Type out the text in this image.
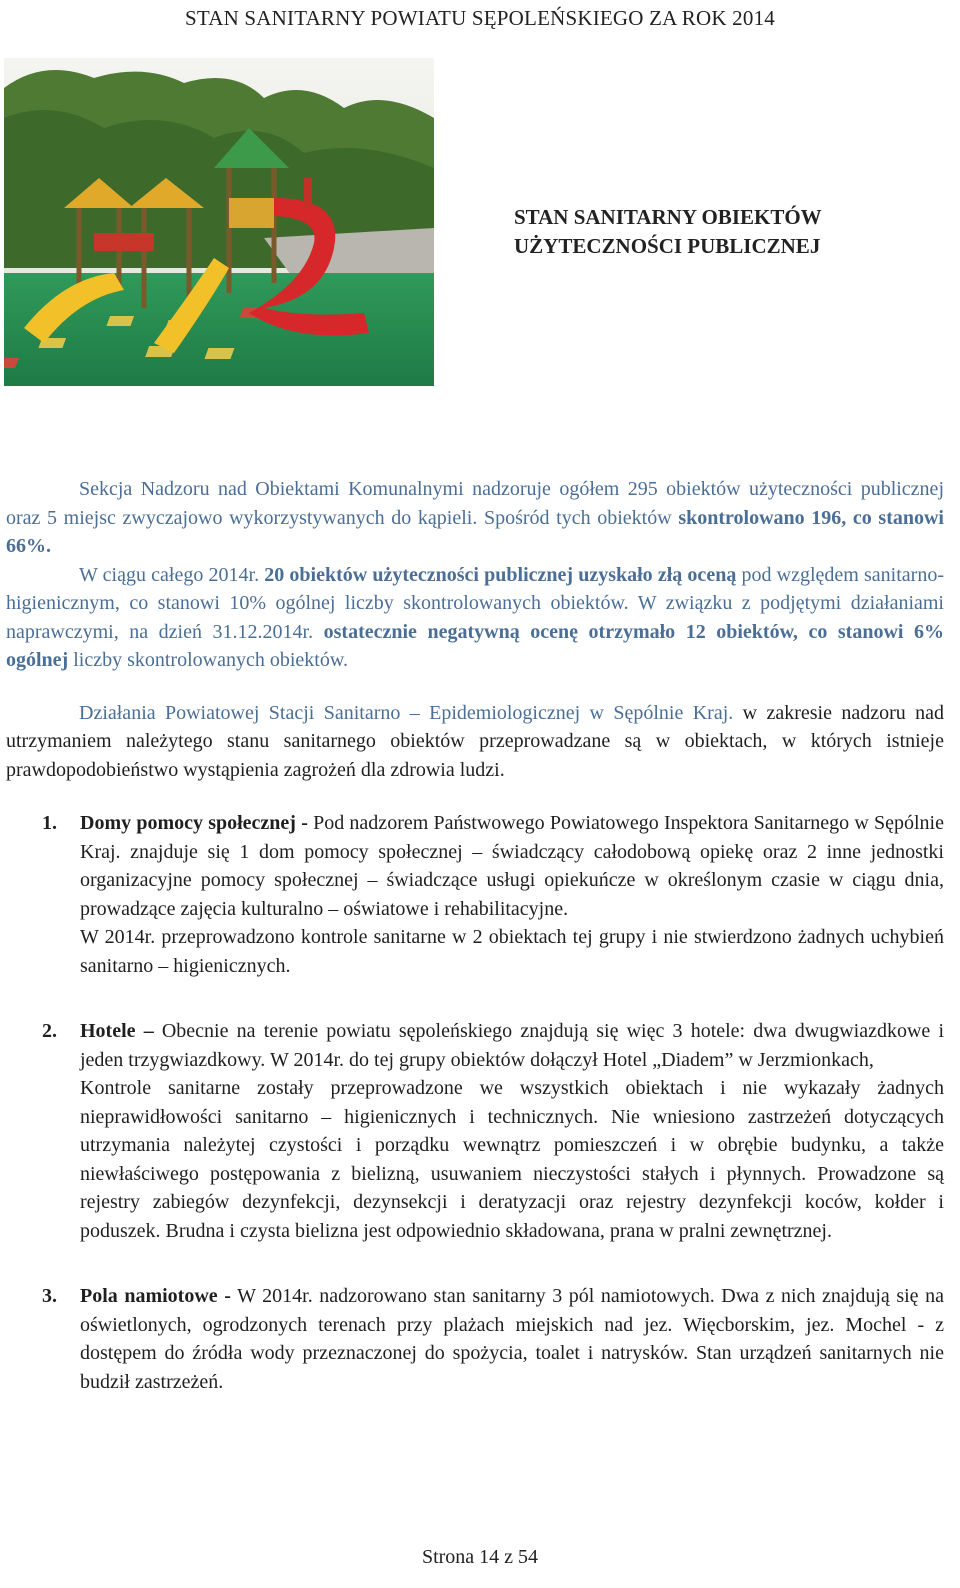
STAN SANITARNY POWIATU SĘPOLEŃSKIEGO ZA ROK 2014
STAN SANITARNY OBIEKTÓW
UŻYTECZNOŚCI PUBLICZNEJ

Sekcja Nadzoru nad Obiektami Komunalnymi nadzoruje ogółem 295 obiektów użyteczności publicznej oraz 5 miejsc zwyczajowo wykorzystywanych do kąpieli. Spośród tych obiektów skontrolowano 196, co stanowi 66%.

W ciągu całego 2014r. 20 obiektów użyteczności publicznej uzyskało złą oceną pod względem sanitarno-higienicznym, co stanowi 10% ogólnej liczby skontrolowanych obiektów. W związku z podjętymi działaniami naprawczymi, na dzień 31.12.2014r. ostatecznie negatywną ocenę otrzymało 12 obiektów, co stanowi 6% ogólnej liczby skontrolowanych obiektów.

Działania Powiatowej Stacji Sanitarno – Epidemiologicznej w Sępólnie Kraj. w zakresie nadzoru nad utrzymaniem należytego stanu sanitarnego obiektów przeprowadzane są w obiektach, w których istnieje prawdopodobieństwo wystąpienia zagrożeń dla zdrowia ludzi.

1. Domy pomocy społecznej - Pod nadzorem Państwowego Powiatowego Inspektora Sanitarnego w Sępólnie Kraj. znajduje się 1 dom pomocy społecznej – świadczący całodobową opiekę oraz 2 inne jednostki organizacyjne pomocy społecznej – świadczące usługi opiekuńcze w określonym czasie w ciągu dnia, prowadzące zajęcia kulturalno – oświatowe i rehabilitacyjne.

W 2014r. przeprowadzono kontrole sanitarne w 2 obiektach tej grupy i nie stwierdzono żadnych uchybień sanitarno – higienicznych.

2. Hotele – Obecnie na terenie powiatu sępoleńskiego znajdują się więc 3 hotele: dwa dwugwiazdkowe i jeden trzygwiazdkowy. W 2014r. do tej grupy obiektów dołączył Hotel „Diadem” w Jerzmionkach,

Kontrole sanitarne zostały przeprowadzone we wszystkich obiektach i nie wykazały żadnych nieprawidłowości sanitarno – higienicznych i technicznych. Nie wniesiono zastrzeżeń dotyczących utrzymania należytej czystości i porządku wewnątrz pomieszczeń i w obrębie budynku, a także niewłaściwego postępowania z bielizną, usuwaniem nieczystości stałych i płynnych. Prowadzone są rejestry zabiegów dezynfekcji, dezynsekcji i deratyzacji oraz rejestry dezynfekcji koców, kołder i poduszek. Brudna i czysta bielizna jest odpowiednio składowana, prana w pralni zewnętrznej.

3. Pola namiotowe - W 2014r. nadzorowano stan sanitarny 3 pól namiotowych. Dwa z nich znajdują się na oświetlonych, ogrodzonych terenach przy plażach miejskich nad jez. Więcborskim, jez. Mochel - z dostępem do źródła wody przeznaczonej do spożycia, toalet i natrysków. Stan urządzeń sanitarnych nie budził zastrzeżeń.

Strona 14 z 54
